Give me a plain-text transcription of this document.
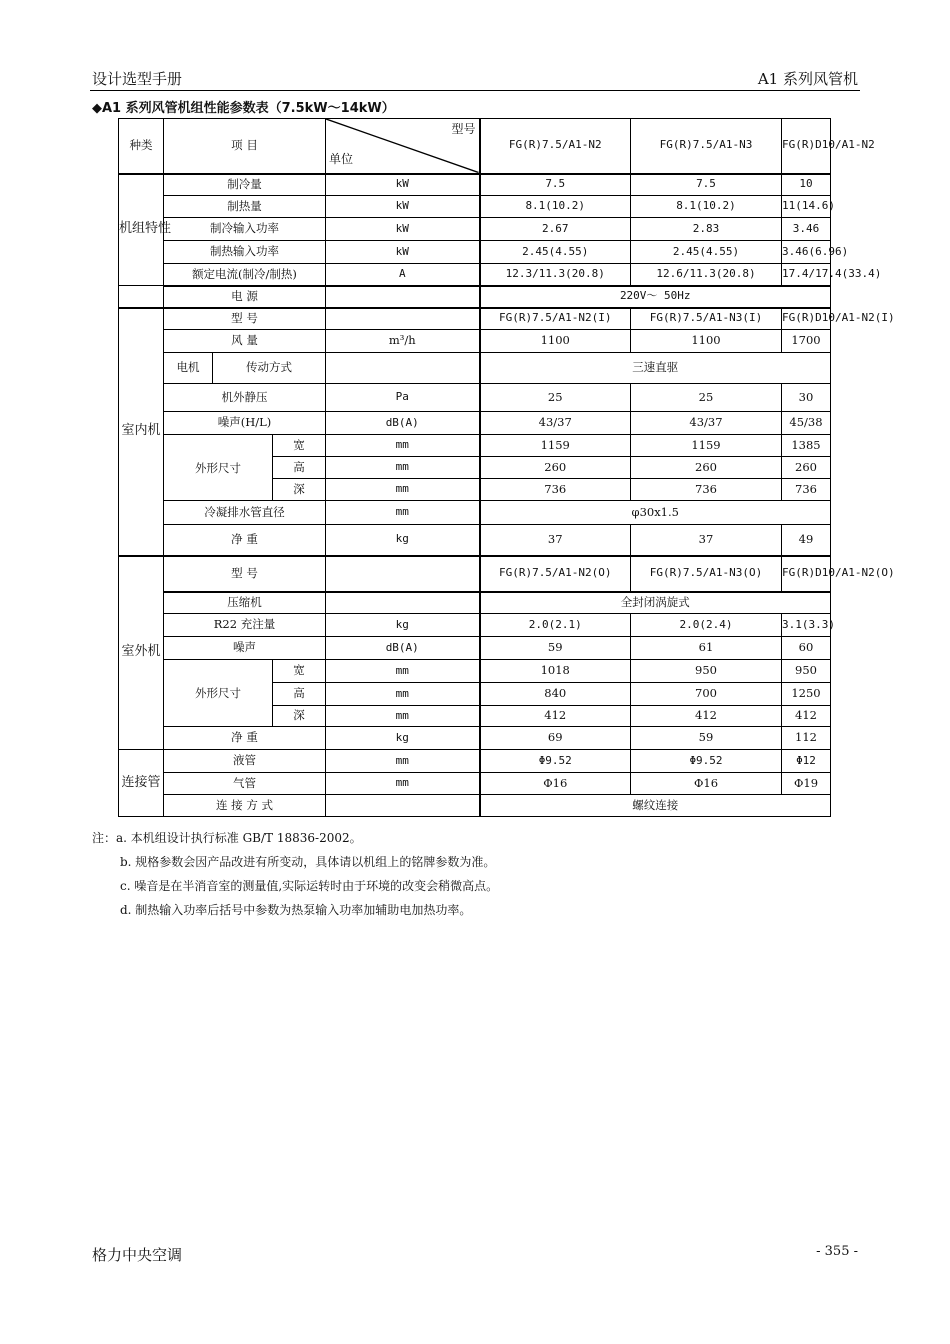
设计选型手册	A1 系列风管机
◆A1 系列风管机组性能参数表（7.5kW～14kW）
种类	项 目			型号
单位	FG(R)7.5/A1-N2	FG(R)7.5/A1-N3	FG(R)D10/A1-N2
机组特性	制冷量			kW	7.5	7.5	10
	制热量			kW	8.1(10.2)	8.1(10.2)	11(14.6)
	制冷输入功率			kW	2.67	2.83	3.46
	制热输入功率			kW	2.45(4.55)	2.45(4.55)	3.46(6.96)
	额定电流(制冷/制热)			A	12.3/11.3(20.8)	12.6/11.3(20.8)	17.4/17.4(33.4)
	电 源				220V～ 50Hz		
室内机	型 号				FG(R)7.5/A1-N2(I)	FG(R)7.5/A1-N3(I)	FG(R)D10/A1-N2(I)
	风 量			m³/h	1100	1100	1700
	电机	传动方式			三速直驱		
	机外静压			Pa	25	25	30
	噪声(H/L)			dB(A)	43/37	43/37	45/38
	外形尺寸		宽	mm	1159	1159	1385
			高	mm	260	260	260
			深	mm	736	736	736
	冷凝排水管直径			mm	φ30x1.5		
	净 重			kg	37	37	49
室外机	型 号				FG(R)7.5/A1-N2(O)	FG(R)7.5/A1-N3(O)	FG(R)D10/A1-N2(O)
	压缩机				全封闭涡旋式		
	R22 充注量			kg	2.0(2.1)	2.0(2.4)	3.1(3.3)
	噪声			dB(A)	59	61	60
	外形尺寸		宽	mm	1018	950	950
			高	mm	840	700	1250
			深	mm	412	412	412
	净 重			kg	69	59	112
连接管	液管			mm	Φ9.52	Φ9.52	Φ12
	气管			mm	Φ16	Φ16	Φ19
	连 接 方 式				螺纹连接		
注：a. 本机组设计执行标准 GB/T 18836-2002。
b. 规格参数会因产品改进有所变动，具体请以机组上的铭牌参数为准。
c. 噪音是在半消音室的测量值,实际运转时由于环境的改变会稍微高点。
d. 制热输入功率后括号中参数为热泵输入功率加辅助电加热功率。
格力中央空调	- 355 -
